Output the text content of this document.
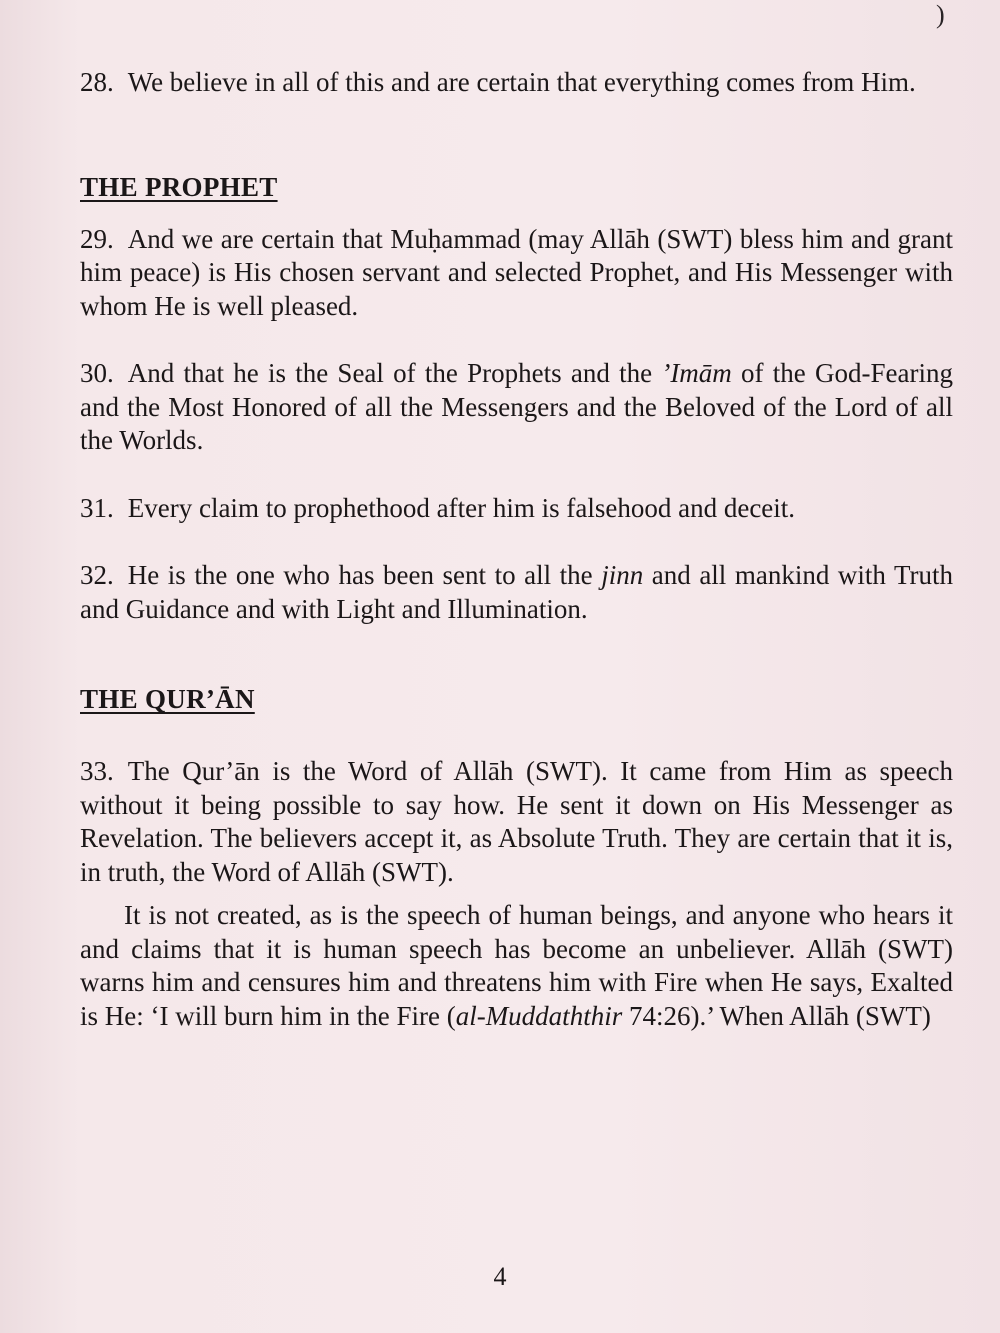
)

28. We believe in all of this and are certain that everything comes from Him.

THE PROPHET

29. And we are certain that Muḥammad (may Allāh (SWT) bless him and grant him peace) is His chosen servant and selected Prophet, and His Messenger with whom He is well pleased.

30. And that he is the Seal of the Prophets and the ’Imām of the God-Fearing and the Most Honored of all the Messengers and the Beloved of the Lord of all the Worlds.

31. Every claim to prophethood after him is falsehood and deceit.

32. He is the one who has been sent to all the jinn and all mankind with Truth and Guidance and with Light and Illumination.

THE QUR’ĀN

33. The Qur’ān is the Word of Allāh (SWT). It came from Him as speech without it being possible to say how. He sent it down on His Messenger as Revelation. The believers accept it, as Absolute Truth. They are certain that it is, in truth, the Word of Allāh (SWT).

It is not created, as is the speech of human beings, and anyone who hears it and claims that it is human speech has become an unbeliever. Allāh (SWT) warns him and censures him and threatens him with Fire when He says, Exalted is He: ‘I will burn him in the Fire (al-Muddaththir 74:26).’ When Allāh (SWT)

4
